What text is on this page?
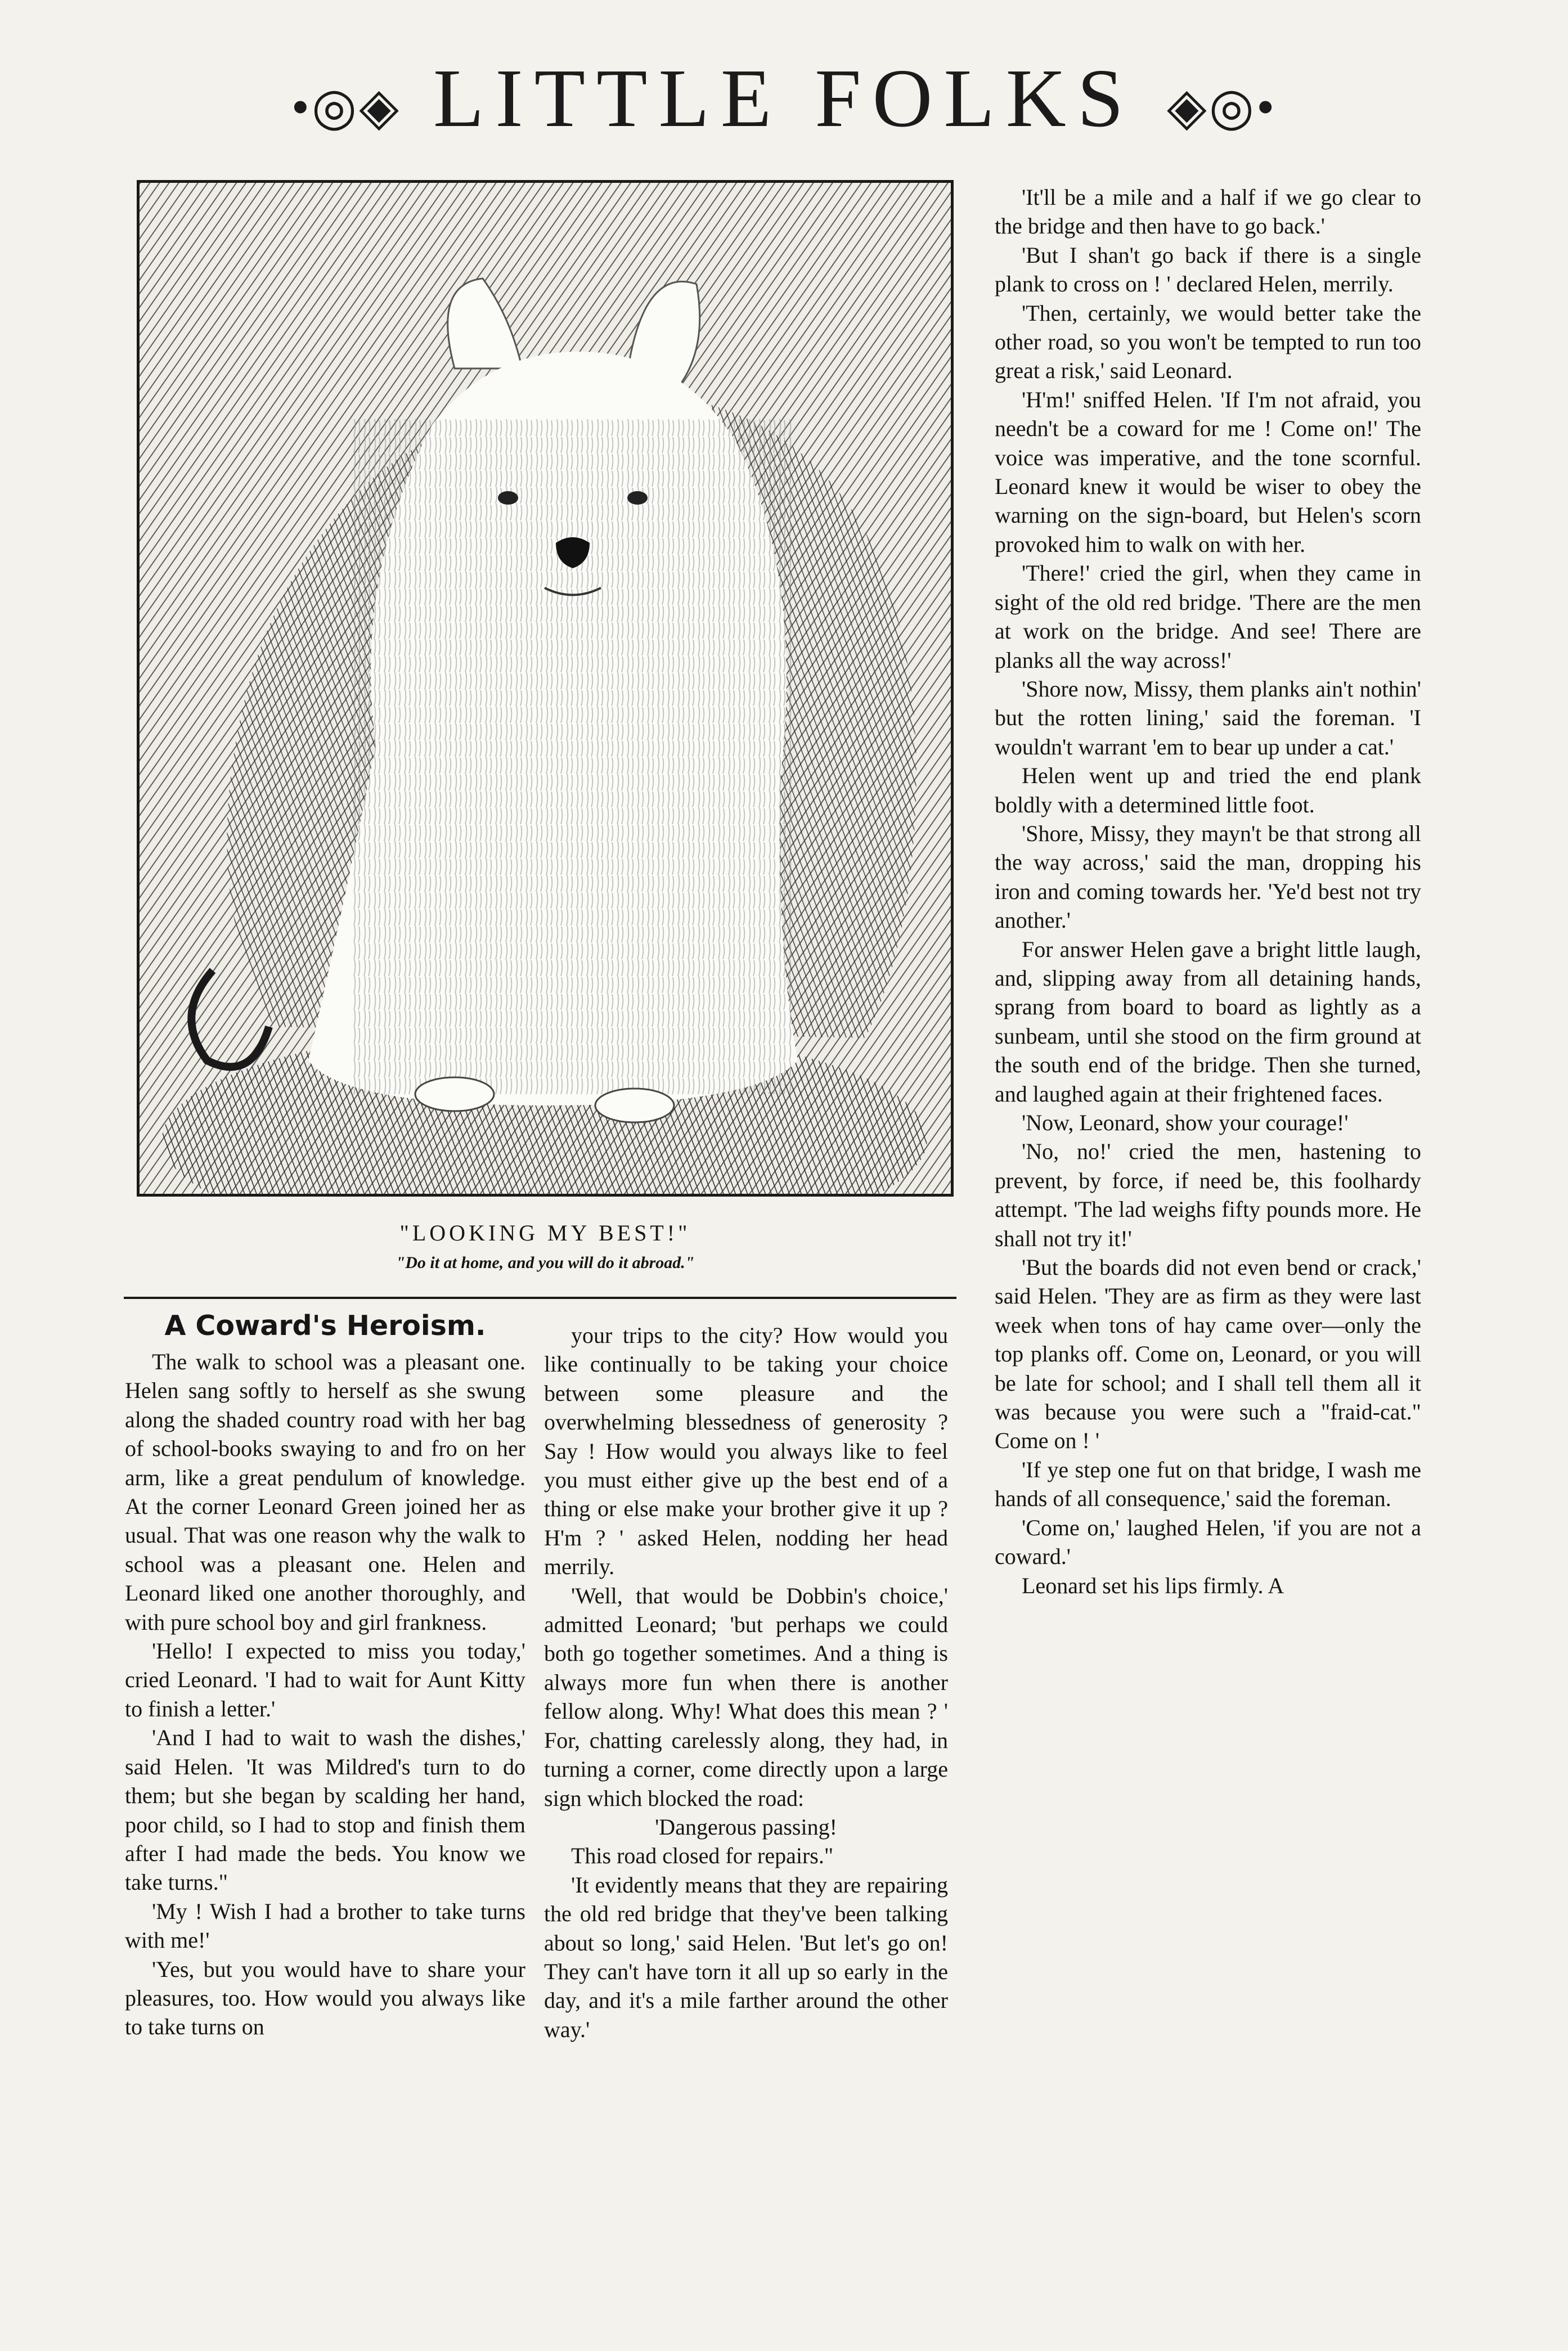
•◎◈ LITTLE FOLKS ◈◎•
"LOOKING MY BEST!"
"Do it at home, and you will do it abroad."
A Coward's Heroism.

The walk to school was a pleasant one. Helen sang softly to herself as she swung along the shaded country road with her bag of school-books swaying to and fro on her arm, like a great pendulum of knowledge. At the corner Leonard Green joined her as usual. That was one reason why the walk to school was a pleasant one. Helen and Leonard liked one another thoroughly, and with pure school boy and girl frankness.

'Hello! I expected to miss you today,' cried Leonard. 'I had to wait for Aunt Kitty to finish a letter.'

'And I had to wait to wash the dishes,' said Helen. 'It was Mildred's turn to do them; but she began by scalding her hand, poor child, so I had to stop and finish them after I had made the beds. You know we take turns."

'My ! Wish I had a brother to take turns with me!'

'Yes, but you would have to share your pleasures, too. How would you always like to take turns on

your trips to the city? How would you like continually to be taking your choice between some pleasure and the overwhelming blessedness of generosity ? Say ! How would you always like to feel you must either give up the best end of a thing or else make your brother give it up ? H'm ? ' asked Helen, nodding her head merrily.

'Well, that would be Dobbin's choice,' admitted Leonard; 'but perhaps we could both go together sometimes. And a thing is always more fun when there is another fellow along. Why! What does this mean ? ' For, chatting carelessly along, they had, in turning a corner, come directly upon a large sign which blocked the road:

'Dangerous passing!

This road closed for repairs."

'It evidently means that they are repairing the old red bridge that they've been talking about so long,' said Helen. 'But let's go on! They can't have torn it all up so early in the day, and it's a mile farther around the other way.'

'It'll be a mile and a half if we go clear to the bridge and then have to go back.'

'But I shan't go back if there is a single plank to cross on ! ' declared Helen, merrily.

'Then, certainly, we would better take the other road, so you won't be tempted to run too great a risk,' said Leonard.

'H'm!' sniffed Helen. 'If I'm not afraid, you needn't be a coward for me ! Come on!' The voice was imperative, and the tone scornful. Leonard knew it would be wiser to obey the warning on the sign-board, but Helen's scorn provoked him to walk on with her.

'There!' cried the girl, when they came in sight of the old red bridge. 'There are the men at work on the bridge. And see! There are planks all the way across!'

'Shore now, Missy, them planks ain't nothin' but the rotten lining,' said the foreman. 'I wouldn't warrant 'em to bear up under a cat.'

Helen went up and tried the end plank boldly with a determined little foot.

'Shore, Missy, they mayn't be that strong all the way across,' said the man, dropping his iron and coming towards her. 'Ye'd best not try another.'

For answer Helen gave a bright little laugh, and, slipping away from all detaining hands, sprang from board to board as lightly as a sunbeam, until she stood on the firm ground at the south end of the bridge. Then she turned, and laughed again at their frightened faces.

'Now, Leonard, show your courage!'

'No, no!' cried the men, hastening to prevent, by force, if need be, this foolhardy attempt. 'The lad weighs fifty pounds more. He shall not try it!'

'But the boards did not even bend or crack,' said Helen. 'They are as firm as they were last week when tons of hay came over—only the top planks off. Come on, Leonard, or you will be late for school; and I shall tell them all it was because you were such a "fraid-cat." Come on ! '

'If ye step one fut on that bridge, I wash me hands of all consequence,' said the foreman.

'Come on,' laughed Helen, 'if you are not a coward.'

Leonard set his lips firmly. A
